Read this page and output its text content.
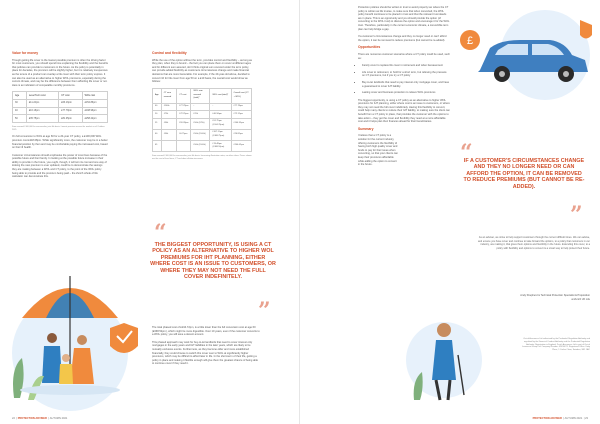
Value for money

Though getting life cover to the lowest possible premium is often the driving factor for most customers, you should spend time explaining the flexibility and the benefits that policies can provide to customers in the future. As the policy is potentially in place for decades, the premium will be slightly higher, but it is relatively inexpensive as the tenure of a product can overlap a life cover with their term policy expires. It can also be used as an alternative to higher WOL premiums, especially during the current climate, and may be the difference between them affording life cover or not. Here is an indication of comparable monthly premiums.

Age	Level Term cost	CT cost	WOL cost
30	£11.24pm	£63.16pm	£152.86pm
40	£16.16pm	£77.78pm	£198.96pm
50	£35.75pm	£81.05pm	£258.22pm
Sum assured £100,000 for non-smoker, joint life basis. Lowest premium across the market as of October 2021.

On full conversion to WOL at age 60 for a 20-year CT policy, a £100,000 WOL premium cost £118.08pm. While significantly more, the customer may be in a better financial position by then and may be comfortable paying the increased cost, based on their ill health.

Customer circumstances should emphasise the power of most lives because of the possible future and their family. In looking at the possible future increase in their ability to provide in the future, you ought, though, it will turn its cost and one way of looking the new premium is ever updated, could be to demonstrate the savings they are making between a WOL and CT policy, to the point of the WOL policy being able to provide and the premium being paid – the Zurich whole of life calculator can demonstrate this.

Control and flexibility

While the use of the option without the term, provides control and flexibility – as long as they plan, when they is bound – the fact you can place them on cover at different ages and for different sum assured, don't think original sum covered under the term policy, can provide added flexibility as customers circumstances change and make financial decisions that are more favourable. For example, if the 40-year-old above, decided to convert 10 for life cover from age 50 on a £10 basis, the overall cost would show as follows:

Age	CT sum assured	CT cost	WOL sum assured (total)*	WOL cost (total)*	Overall cost (CT + WOL)
40	£100k	£77.78pm	-	-	£77.78pm
50	£75k	£72.25pm	£25k	£40.58pm	£72.12pm
55	£50k	£59.28pm	£50k (£25k)	£91.75pm (£164.76pm)	£144.35pm
60	£50k	£6.75pm	£50k (£100k)	£107.11pm (£368.75pm)	£26.82pm
65			£50k (£100k)	£76.48pm (£368.52pm)	£244.62pm
Sum assured £100,000 for non-smoker, joint life basis. Increasing illustration rates; no other riders. Prices shown are the cost of level term; CT excludes inflation increases.
“
THE BIGGEST OPPORTUNITY, IS USING A CT POLICY AS AN ALTERNATIVE TO HIGHER WOL PREMIUMS FOR IHT PLANNING, EITHER WHERE COST IS AN ISSUE TO CUSTOMERS, OR WHERE THEY MAY NOT NEED THE FULL COVER INDEFINITELY.
”

The total phased cost of £244.72pm, is a little lower than the full conversion cost at age 60 (£368.52pm), which might be more digestible. Over 10 years, even if the customer converts to a WOL policy, you will save a decent amount.

This phased approach may work for buy-to-let landlords that need to cover interest only mortgages in the early years and IHT liabilities in the later years, which are likely to be mutually exclusive events. Furthermore, as they become older and more established financially, they could choose to switch this cover over to WOL at significantly higher premiums, which may be difficult to afford later in life. In the short-term of their life, getting a policy in place and making it flexible enough will give them the greatest chance of being able to continue cover if they need it.

22  | PROTECTION ADVISER  | AUTUMN 2021
£

Protection policies should be written in trust to avoid property tax where the CT policy is written as life trustee, to make sure that when converted, the WOL policy benefit continues to be placed in trust and that the relevant trust deeds are in place. This is an opportunity and you should provide the option (of converting to the WOL trust) to discuss the option and encourage it for the WOL trust. Therefore, particularly in the current economic climate, a convertible term plan can help bridge a gap.

If a customer's circumstances change and they no longer need or can't afford the option, it can be removed to reduce premiums (but cannot be re-added).

Opportunities

There are numerous customer scenarios where a CT policy could be used, such as:

• Family cover to replace life cover in retirement and when bereavement
• Life cover to retirement, to hold for a short term, but relieving the pressure on CT premiums, but if you try a CT policy
• Buy-to-let landlords that need to pay interest only mortgage cover, and have a guaranteed to cover IHT liability
• Lasting cover and business protection to relieve WOL premiums

The biggest opportunity, is using a CT policy as an alternative to higher WOL premiums for IHT planning, either where cost is an issue to customers, or where they may not need the full cover indefinitely. Having this flexibility to convert, could help many clients to reduce their IHT liability, to making sure the client can benefit from a CT policy in place, that provides the customer with the options to take action – they get the cover and flexibility they need at a more affordable cost and it helps plan their finances ahead for their beneficiaries.

Summary

I believe that a CT policy is a solution for the current industry, offering customers the flexibility of having both high quality cover and funds to pay for their taxes when converting, so that your clients can keep their premiums affordable while adding the option to convert in the future.	“
IF A CUSTOMER'S CIRCUMSTANCES CHANGE AND THEY NO LONGER NEED OR CAN AFFORD THE OPTION, IT CAN BE REMOVED TO REDUCE PREMIUMS (BUT CANNOT BE RE-ADDED).
”
As an adviser, we strive to help support customers through the current difficult times. We can advise, and ensure you have cover and continue to take forward the options, to a policy that customers in our industry, are making it, that gives them options and flexibility in the future. Extending this cover, to a policy with flexibility and options to convert is a smart way to help protect their future.
Andy Shepherd is Technical Protection Specialist & Proposition at Zurich UK Life
Zurich Assurance Ltd authorised by the Prudential Regulation Authority and regulated by the Financial Conduct Authority and the Prudential Regulation Authority. Registration in England. Zurich Assurance Ltd is part of Zurich Insurance Group Ltd. Company Number: 02456671. Registered Office: Unity Place, 1 Carfax Close, Swindon, SN1 1AP.
PROTECTION ADVISER  | AUTUMN 2021  | 23
